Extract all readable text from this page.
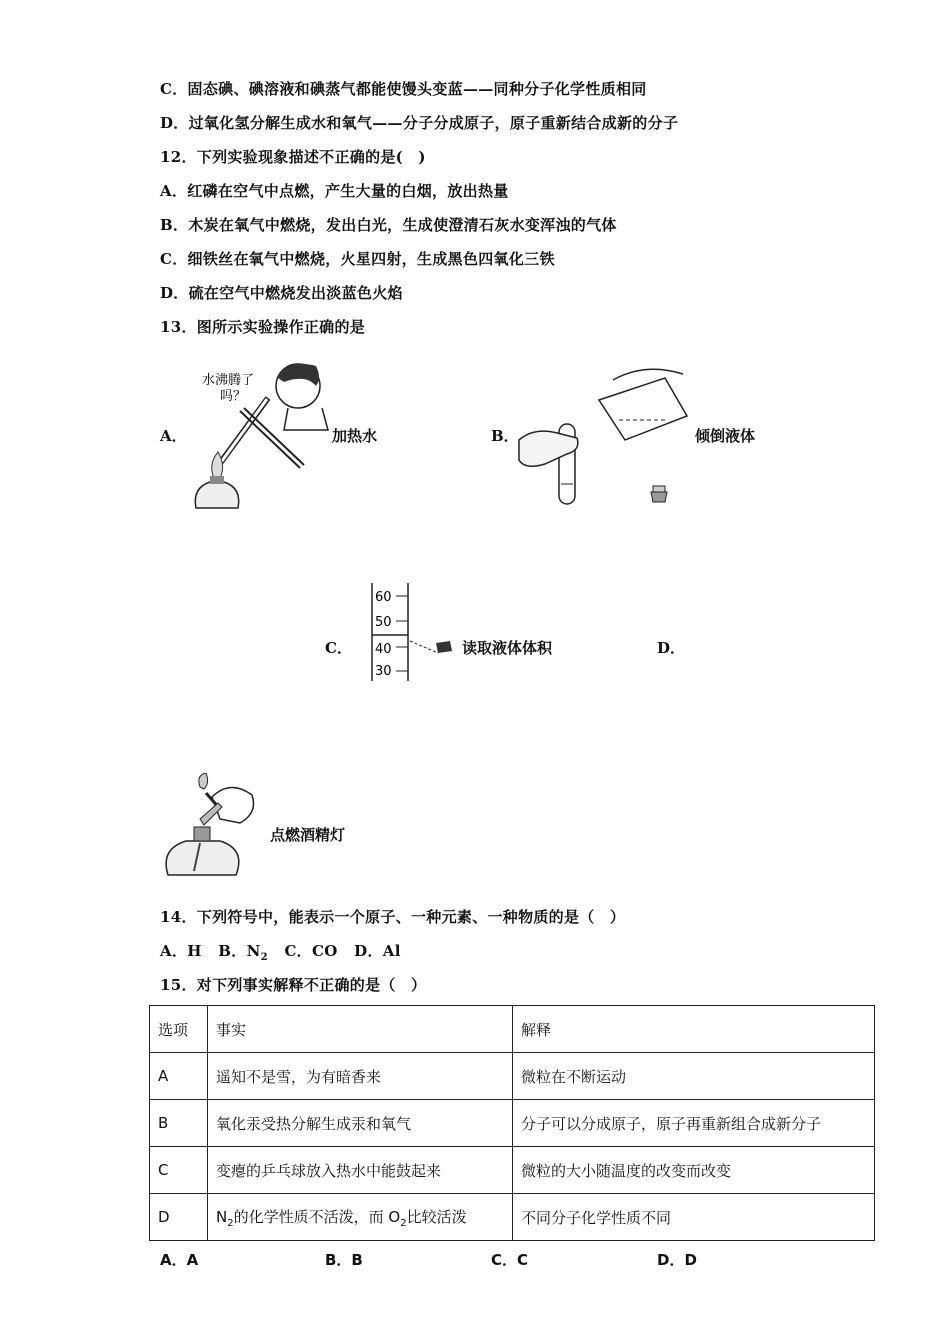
C．固态碘、碘溶液和碘蒸气都能使馒头变蓝——同种分子化学性质相同
D．过氧化氢分解生成水和氧气——分子分成原子，原子重新结合成新的分子
12．下列实验现象描述不正确的是(　)
A．红磷在空气中点燃，产生大量的白烟，放出热量
B．木炭在氧气中燃烧，发出白光，生成使澄清石灰水变浑浊的气体
C．细铁丝在氧气中燃烧，火星四射，生成黑色四氧化三铁
D．硫在空气中燃烧发出淡蓝色火焰
13．图所示实验操作正确的是
A．
水沸腾了
吗？
加热水	B．	倾倒液体
C．
60
50
40
30
读取液体体积	D．
点燃酒精灯
14．下列符号中，能表示一个原子、一种元素、一种物质的是（　）
A．H B．$N_2$ C．CO D．Al
15．对下列事实解释不正确的是（　）
选项	事实	解释
A	遥知不是雪，为有暗香来	微粒在不断运动
B	氧化汞受热分解生成汞和氧气	分子可以分成原子，原子再重新组合成新分子
C	变瘪的乒乓球放入热水中能鼓起来	微粒的大小随温度的改变而改变
D	$N_2$的化学性质不活泼，而 $O_2$比较活泼	不同分子化学性质不同
A．A	B．B	C．C	D．D
